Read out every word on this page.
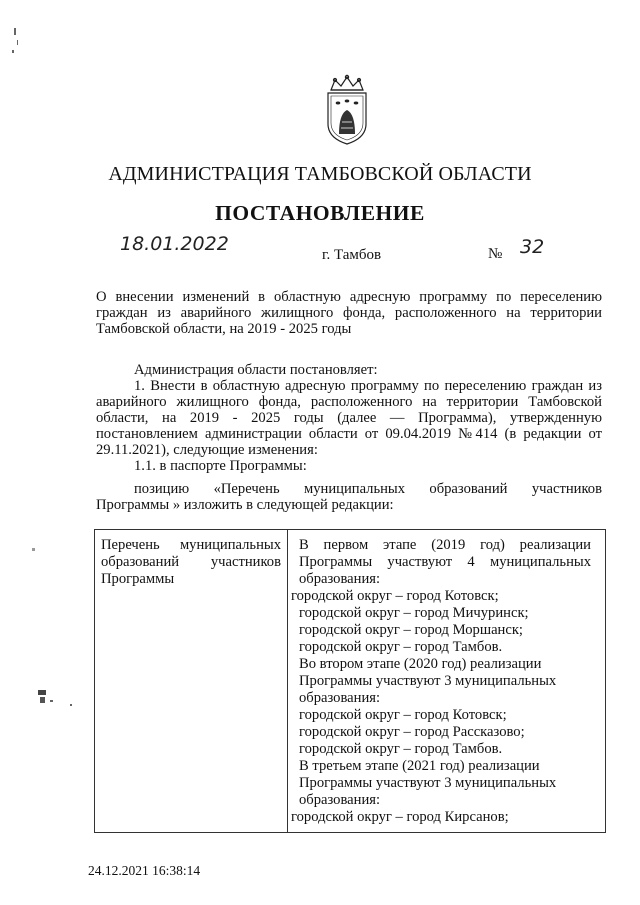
АДМИНИСТРАЦИЯ ТАМБОВСКОЙ ОБЛАСТИ
ПОСТАНОВЛЕНИЕ
18.01.2022	г. Тамбов	№ 32
О внесении изменений в областную адресную программу по переселению
граждан из аварийного жилищного фонда, расположенного на территории
Тамбовской области, на 2019 - 2025 годы
Администрация области постановляет:
1. Внести в областную адресную программу по переселению граждан из
аварийного жилищного фонда, расположенного на территории Тамбовской
области, на 2019 - 2025 годы (далее — Программа), утвержденную
постановлением администрации области от 09.04.2019 №414 (в редакции от
29.11.2021), следующие изменения:
1.1. в паспорте Программы:
позицию «Перечень муниципальных образований участников
Программы » изложить в следующей редакции:
Перечень муниципальных
образований участников
Программы
В первом этапе (2019 год) реализации
Программы участвуют 4 муниципальных
образования:
городской округ – город Котовск;
городской округ – город Мичуринск;
городской округ – город Моршанск;
городской округ – город Тамбов.
Во втором этапе (2020 год) реализации
Программы участвуют 3 муниципальных
образования:
городской округ – город Котовск;
городской округ – город Рассказово;
городской округ – город Тамбов.
В третьем этапе (2021 год) реализации
Программы участвуют 3 муниципальных
образования:
городской округ – город Кирсанов;
24.12.2021 16:38:14
